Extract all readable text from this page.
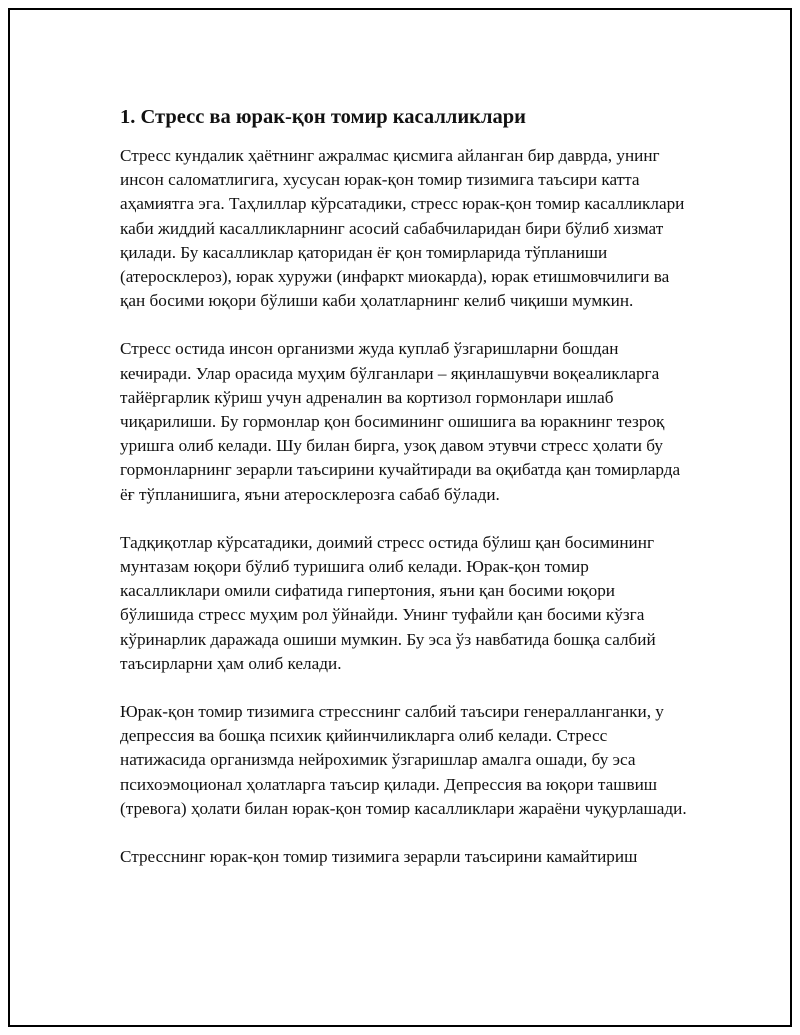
1. Стресс ва юрак-қон томир касалликлари

Стресс кундалик ҳаётнинг ажралмас қисмига айланган бир даврда, унинг инсон саломатлигига, хусусан юрак-қон томир тизимига таъсири катта аҳамиятга эга. Таҳлиллар кўрсатадики, стресс юрак-қон томир касалликлари каби жиддий касалликларнинг асосий сабабчиларидан бири бўлиб хизмат қилади. Бу касалликлар қаторидан ёғ қон томирларида тўпланиши (атеросклероз), юрак хуружи (инфаркт миокарда), юрак етишмовчилиги ва қан босими юқори бўлиши каби ҳолатларнинг келиб чиқиши мумкин.

Стресс остида инсон организми жуда куплаб ўзгаришларни бошдан кечиради. Улар орасида муҳим бўлганлари – яқинлашувчи воқеаликларга тайёргарлик кўриш учун адреналин ва кортизол гормонлари ишлаб чиқарилиши. Бу гормонлар қон босимининг ошишига ва юракнинг тезроқ уришга олиб келади. Шу билан бирга, узоқ давом этувчи стресс ҳолати бу гормонларнинг зерарли таъсирини кучайтиради ва оқибатда қан томирларда ёғ тўпланишига, яъни атеросклерозга сабаб бўлади.

Тадқиқотлар кўрсатадики, доимий стресс остида бўлиш қан босимининг мунтазам юқори бўлиб туришига олиб келади. Юрак-қон томир касалликлари омили сифатида гипертония, яъни қан босими юқори бўлишида стресс муҳим рол ўйнайди. Унинг туфайли қан босими кўзга кўринарлик даражада ошиши мумкин. Бу эса ўз навбатида бошқа салбий таъсирларни ҳам олиб келади.

Юрак-қон томир тизимига стресснинг салбий таъсири генералланганки, у депрессия ва бошқа психик қийинчиликларга олиб келади. Стресс натижасида организмда нейрохимик ўзгаришлар амалга ошади, бу эса психоэмоционал ҳолатларга таъсир қилади. Депрессия ва юқори ташвиш (тревога) ҳолати билан юрак-қон томир касалликлари жараёни чуқурлашади.

Стресснинг юрак-қон томир тизимига зерарли таъсирини камайтириш
